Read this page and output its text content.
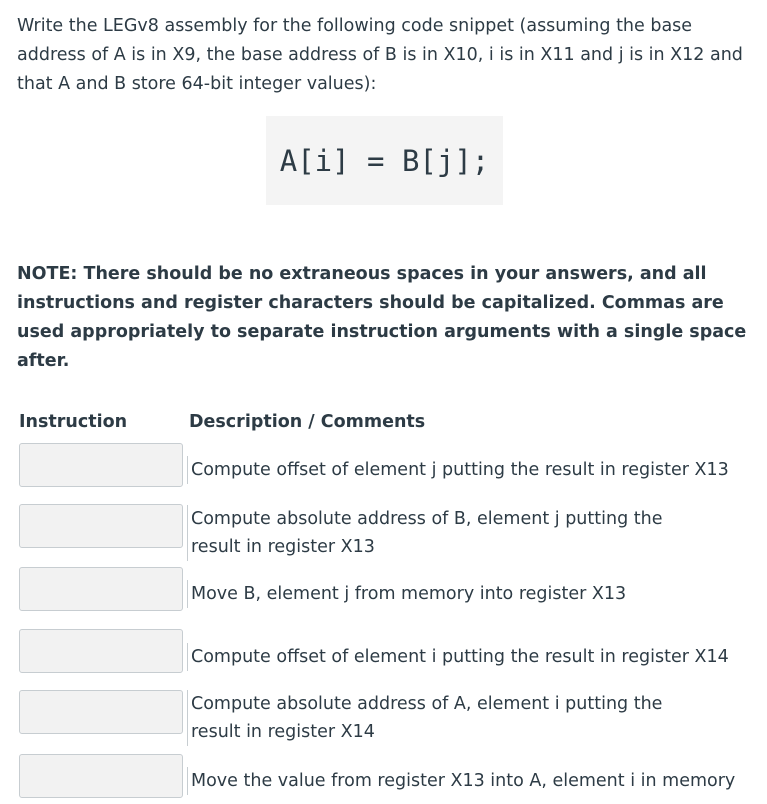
Write the LEGv8 assembly for the following code snippet (assuming the base address of A is in X9, the base address of B is in X10, i is in X11 and j is in X12 and that A and B store 64-bit integer values):

A[i] = B[j];

NOTE: There should be no extraneous spaces in your answers, and all instructions and register characters should be capitalized. Commas are used appropriately to separate instruction arguments with a single space after.

Instruction	Description / Comments

Compute offset of element j putting the result in register X13

Compute absolute address of B, element j putting the result in register X13

Move B, element j from memory into register X13

Compute offset of element i putting the result in register X14

Compute absolute address of A, element i putting the result in register X14

Move the value from register X13 into A, element i in memory
